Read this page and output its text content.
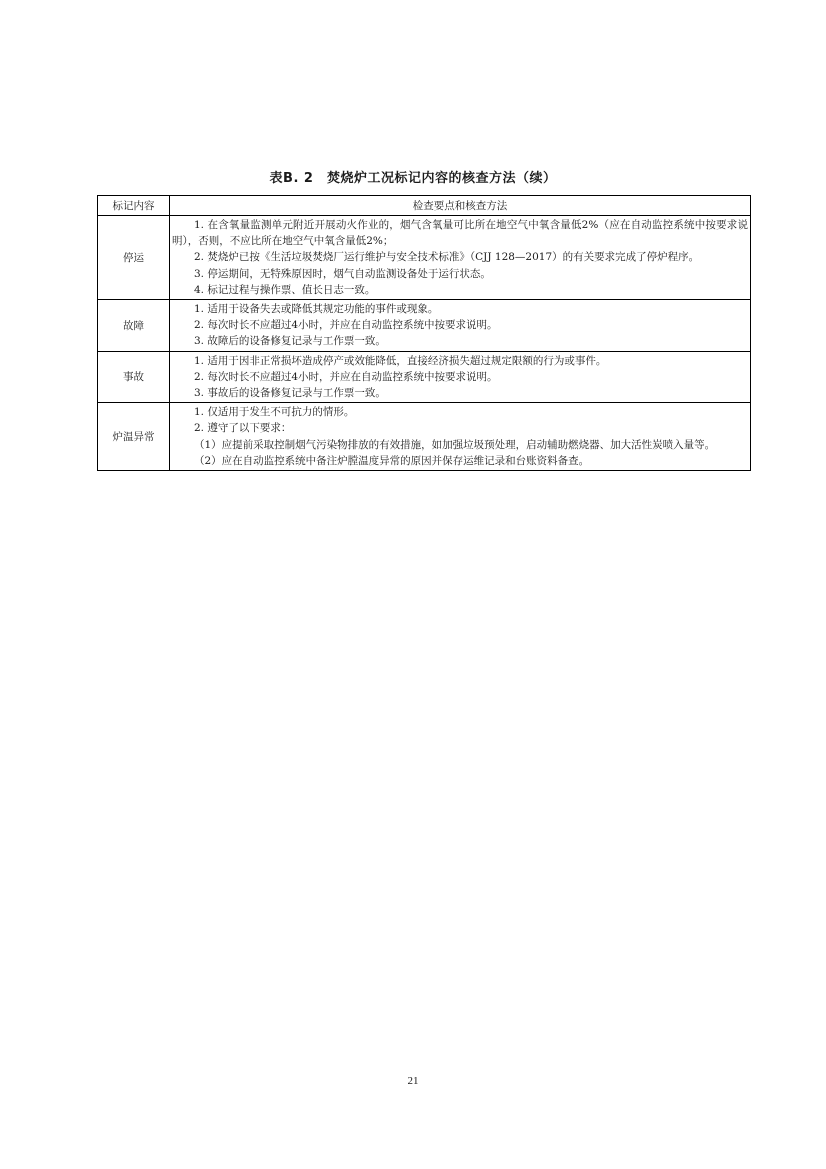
表B. 2　焚烧炉工况标记内容的核查方法（续）
标记内容	检查要点和核查方法
停运	1. 在含氧量监测单元附近开展动火作业的，烟气含氧量可比所在地空气中氧含量低2%（应在自动监控系统中按要求说明），否则，不应比所在地空气中氧含量低2%；

2. 焚烧炉已按《生活垃圾焚烧厂运行维护与安全技术标准》（CJJ 128—2017）的有关要求完成了停炉程序。

3. 停运期间，无特殊原因时，烟气自动监测设备处于运行状态。

4. 标记过程与操作票、值长日志一致。

故障	1. 适用于设备失去或降低其规定功能的事件或现象。

2. 每次时长不应超过4小时，并应在自动监控系统中按要求说明。

3. 故障后的设备修复记录与工作票一致。

事故	1. 适用于因非正常损坏造成停产或效能降低，直接经济损失超过规定限额的行为或事件。

2. 每次时长不应超过4小时，并应在自动监控系统中按要求说明。

3. 事故后的设备修复记录与工作票一致。

炉温异常	1. 仅适用于发生不可抗力的情形。

2. 遵守了以下要求：

（1）应提前采取控制烟气污染物排放的有效措施，如加强垃圾预处理，启动辅助燃烧器、加大活性炭喷入量等。

（2）应在自动监控系统中备注炉膛温度异常的原因并保存运维记录和台账资料备查。

21
